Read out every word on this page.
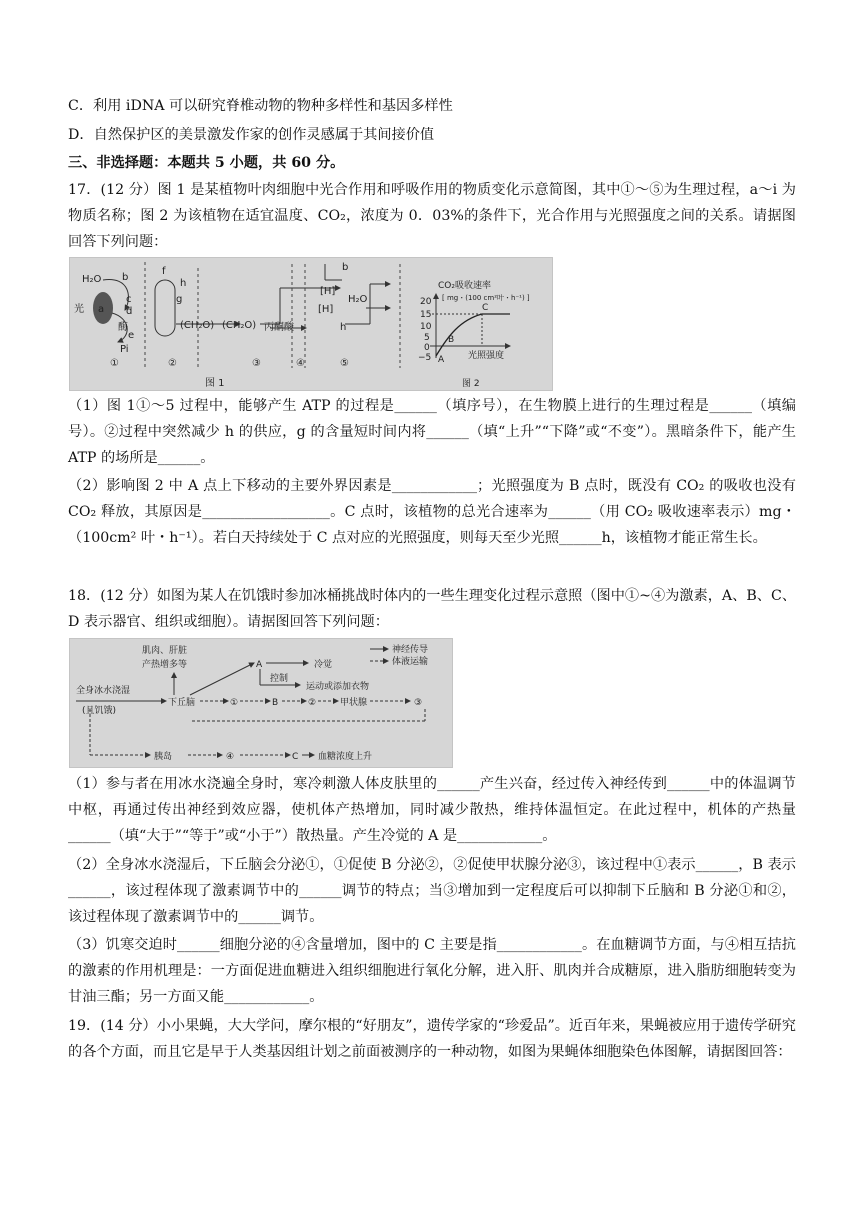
C．利用 iDNA 可以研究脊椎动物的物种多样性和基因多样性
D．自然保护区的美景激发作家的创作灵感属于其间接价值
三、非选择题：本题共 5 小题，共 60 分。
17．(12 分）图 1 是某植物叶肉细胞中光合作用和呼吸作用的物质变化示意简图，其中①～⑤为生理过程，a～i 为物质名称；图 2 为该植物在适宜温度、CO₂，浓度为 0．03%的条件下，光合作用与光照强度之间的关系。请据图回答下列问题：
H₂O b
f
h
光 a
c
d
酶
g
e
Pi
(CH₂O) (CH₂O) 丙酮酸
[H]
b
H₂O
[H]
h
①	②	③	④	⑤
图 1
CO₂吸收速率
[ mg・(100 cm²叶・h⁻¹) ]
20
15
10
5
0
−5 A
B
C
光照强度
图 2
（1）图 1①～5 过程中，能够产生 ATP 的过程是______（填序号），在生物膜上进行的生理过程是______（填编号）。②过程中突然减少 h 的供应，g 的含量短时间内将______（填“上升”“下降”或“不变”）。黑暗条件下，能产生 ATP 的场所是______。
（2）影响图 2 中 A 点上下移动的主要外界因素是____________；光照强度为 B 点时，既没有 CO₂ 的吸收也没有 CO₂ 释放，其原因是__________________。C 点时，该植物的总光合速率为______（用 CO₂ 吸收速率表示）mg・（100cm² 叶・h⁻¹）。若白天持续处于 C 点对应的光照强度，则每天至少光照______h，该植物才能正常生长。
18．(12 分）如图为某人在饥饿时参加冰桶挑战时体内的一些生理变化过程示意照（图中①~④为激素，A、B、C、D 表示器官、组织或细胞）。请据图回答下列问题：
肌肉、肝脏
产热增多等	A	冷觉
神经传导
体液运输
控制
运动或添加衣物
全身冰水浇湿
(且饥饿)
下丘脑	①	B	②	甲状腺	③
胰岛	④	C 血糖浓度上升
（1）参与者在用冰水浇遍全身时，寒冷刺激人体皮肤里的______产生兴奋，经过传入神经传到______中的体温调节中枢，再通过传出神经到效应器，使机体产热增加，同时减少散热，维持体温恒定。在此过程中，机体的产热量______（填“大于”“等于”或“小于”）散热量。产生冷觉的 A 是____________。
（2）全身冰水浇湿后，下丘脑会分泌①，①促使 B 分泌②，②促使甲状腺分泌③，该过程中①表示______，B 表示______，该过程体现了激素调节中的______调节的特点；当③增加到一定程度后可以抑制下丘脑和 B 分泌①和②，该过程体现了激素调节中的______调节。
（3）饥寒交迫时______细胞分泌的④含量增加，图中的 C 主要是指____________。在血糖调节方面，与④相互拮抗的激素的作用机理是：一方面促进血糖进入组织细胞进行氧化分解，进入肝、肌肉并合成糖原，进入脂肪细胞转变为甘油三酯；另一方面又能____________。
19．(14 分）小小果蝇，大大学问，摩尔根的“好朋友”，遗传学家的“珍爱品”。近百年来，果蝇被应用于遗传学研究的各个方面，而且它是早于人类基因组计划之前面被测序的一种动物，如图为果蝇体细胞染色体图解，请据图回答：
